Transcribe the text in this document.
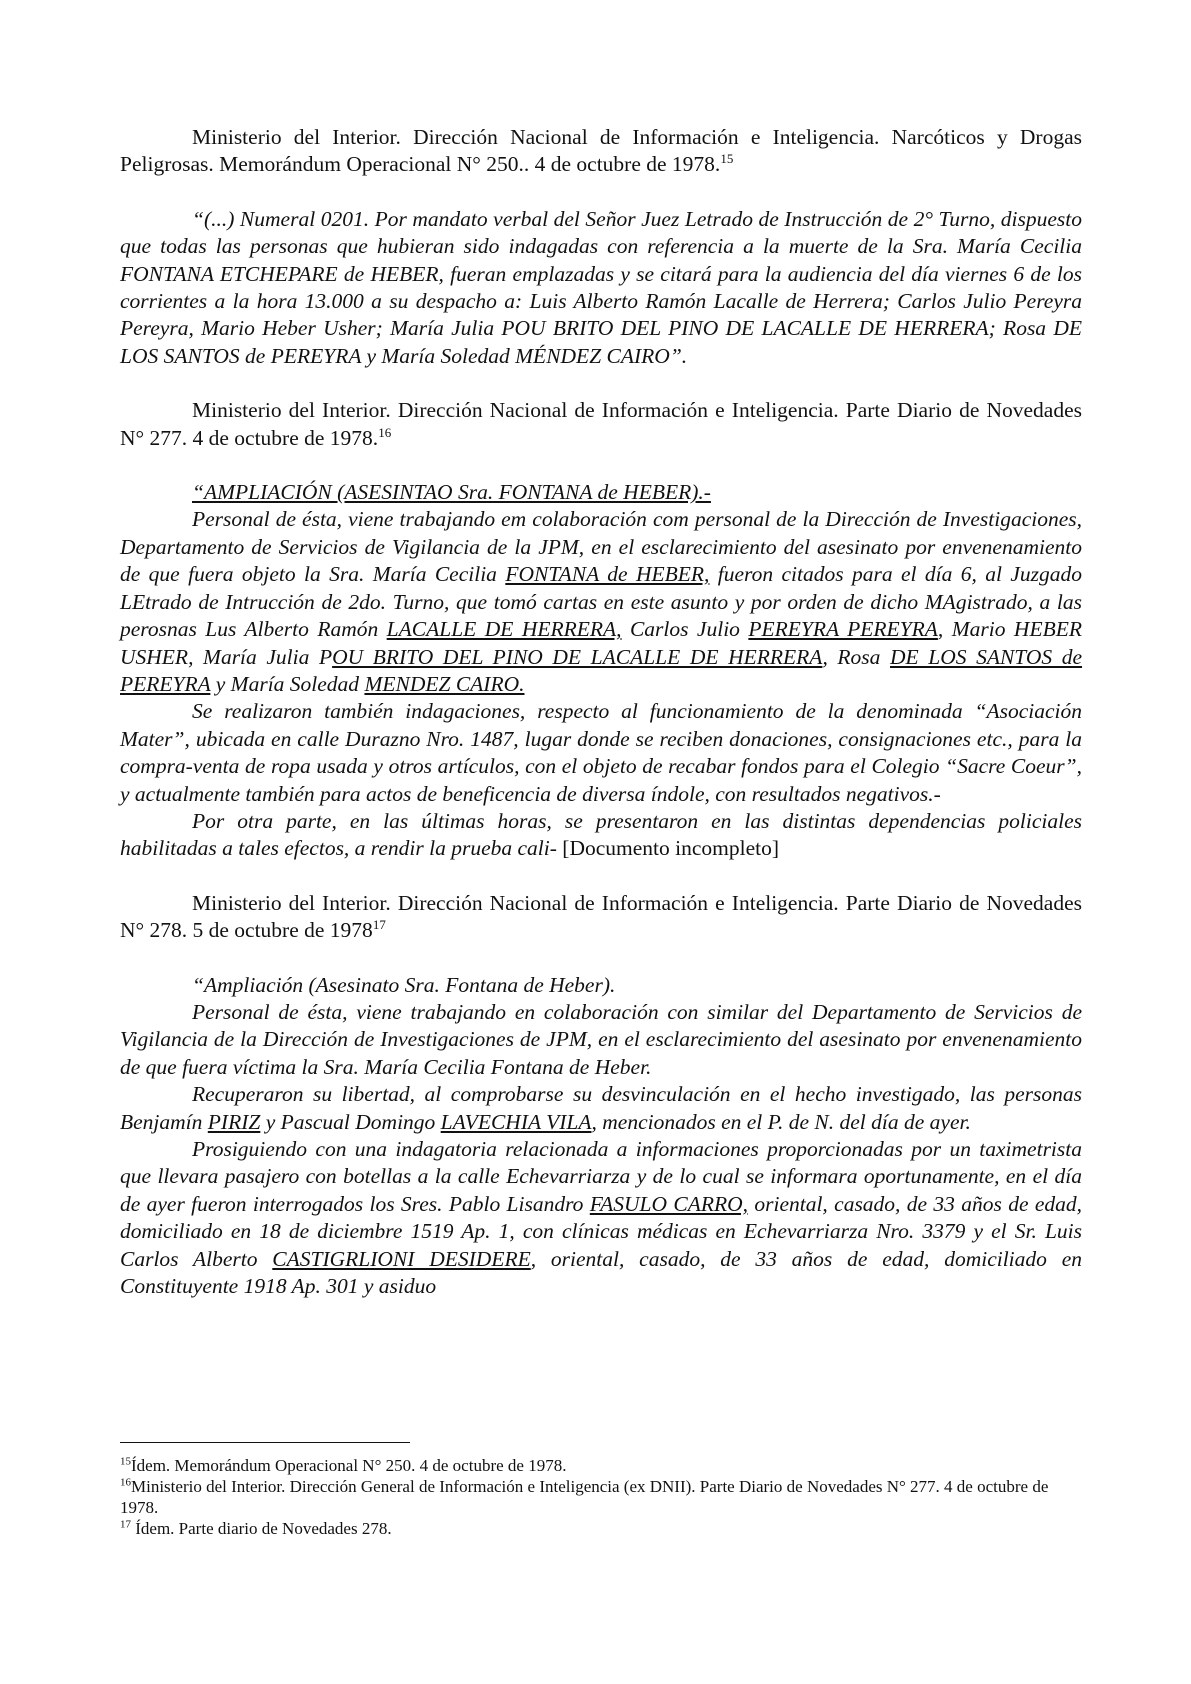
Ministerio del Interior. Dirección Nacional de Información e Inteligencia. Narcóticos y Drogas Peligrosas. Memorándum Operacional N° 250.. 4 de octubre de 1978.15

“(...) Numeral 0201. Por mandato verbal del Señor Juez Letrado de Instrucción de 2° Turno, dispuesto que todas las personas que hubieran sido indagadas con referencia a la muerte de la Sra. María Cecilia FONTANA ETCHEPARE de HEBER, fueran emplazadas y se citará para la audiencia del día viernes 6 de los corrientes a la hora 13.000 a su despacho a: Luis Alberto Ramón Lacalle de Herrera; Carlos Julio Pereyra Pereyra, Mario Heber Usher; María Julia POU BRITO DEL PINO DE LACALLE DE HERRERA; Rosa DE LOS SANTOS de PEREYRA y María Soledad MÉNDEZ CAIRO”.

Ministerio del Interior. Dirección Nacional de Información e Inteligencia. Parte Diario de Novedades N° 277. 4 de octubre de 1978.16

“AMPLIACIÓN (ASESINTAO Sra. FONTANA de HEBER).-

Personal de ésta, viene trabajando em colaboración com personal de la Dirección de Investigaciones, Departamento de Servicios de Vigilancia de la JPM, en el esclarecimiento del asesinato por envenenamiento de que fuera objeto la Sra. María Cecilia FONTANA de HEBER, fueron citados para el día 6, al Juzgado LEtrado de Intrucción de 2do. Turno, que tomó cartas en este asunto y por orden de dicho MAgistrado, a las perosnas Lus Alberto Ramón LACALLE DE HERRERA, Carlos Julio PEREYRA PEREYRA, Mario HEBER USHER, María Julia POU BRITO DEL PINO DE LACALLE DE HERRERA, Rosa DE LOS SANTOS de PEREYRA y María Soledad MENDEZ CAIRO.

Se realizaron también indagaciones, respecto al funcionamiento de la denominada “Asociación Mater”, ubicada en calle Durazno Nro. 1487, lugar donde se reciben donaciones, consignaciones etc., para la compra-venta de ropa usada y otros artículos, con el objeto de recabar fondos para el Colegio “Sacre Coeur”, y actualmente también para actos de beneficencia de diversa índole, con resultados negativos.-

Por otra parte, en las últimas horas, se presentaron en las distintas dependencias policiales habilitadas a tales efectos, a rendir la prueba cali- [Documento incompleto]

Ministerio del Interior. Dirección Nacional de Información e Inteligencia. Parte Diario de Novedades N° 278. 5 de octubre de 1978$^{17}$

“Ampliación (Asesinato Sra. Fontana de Heber).

Personal de ésta, viene trabajando en colaboración con similar del Departamento de Servicios de Vigilancia de la Dirección de Investigaciones de JPM, en el esclarecimiento del asesinato por envenenamiento de que fuera víctima la Sra. María Cecilia Fontana de Heber.

Recuperaron su libertad, al comprobarse su desvinculación en el hecho investigado, las personas Benjamín PIRIZ y Pascual Domingo LAVECHIA VILA, mencionados en el P. de N. del día de ayer.

Prosiguiendo con una indagatoria relacionada a informaciones proporcionadas por un taximetrista que llevara pasajero con botellas a la calle Echevarriarza y de lo cual se informara oportunamente, en el día de ayer fueron interrogados los Sres. Pablo Lisandro FASULO CARRO, oriental, casado, de 33 años de edad, domiciliado en 18 de diciembre 1519 Ap. 1, con clínicas médicas en Echevarriarza Nro. 3379 y el Sr. Luis Carlos Alberto CASTIGRLIONI DESIDERE, oriental, casado, de 33 años de edad, domiciliado en Constituyente 1918 Ap. 301 y asiduo

$^{15}$Ídem. Memorándum Operacional N° 250. 4 de octubre de 1978.

$^{16}$Ministerio del Interior. Dirección General de Información e Inteligencia (ex DNII). Parte Diario de Novedades N° 277. 4 de octubre de 1978.

$^{17}$ Ídem. Parte diario de Novedades 278.
